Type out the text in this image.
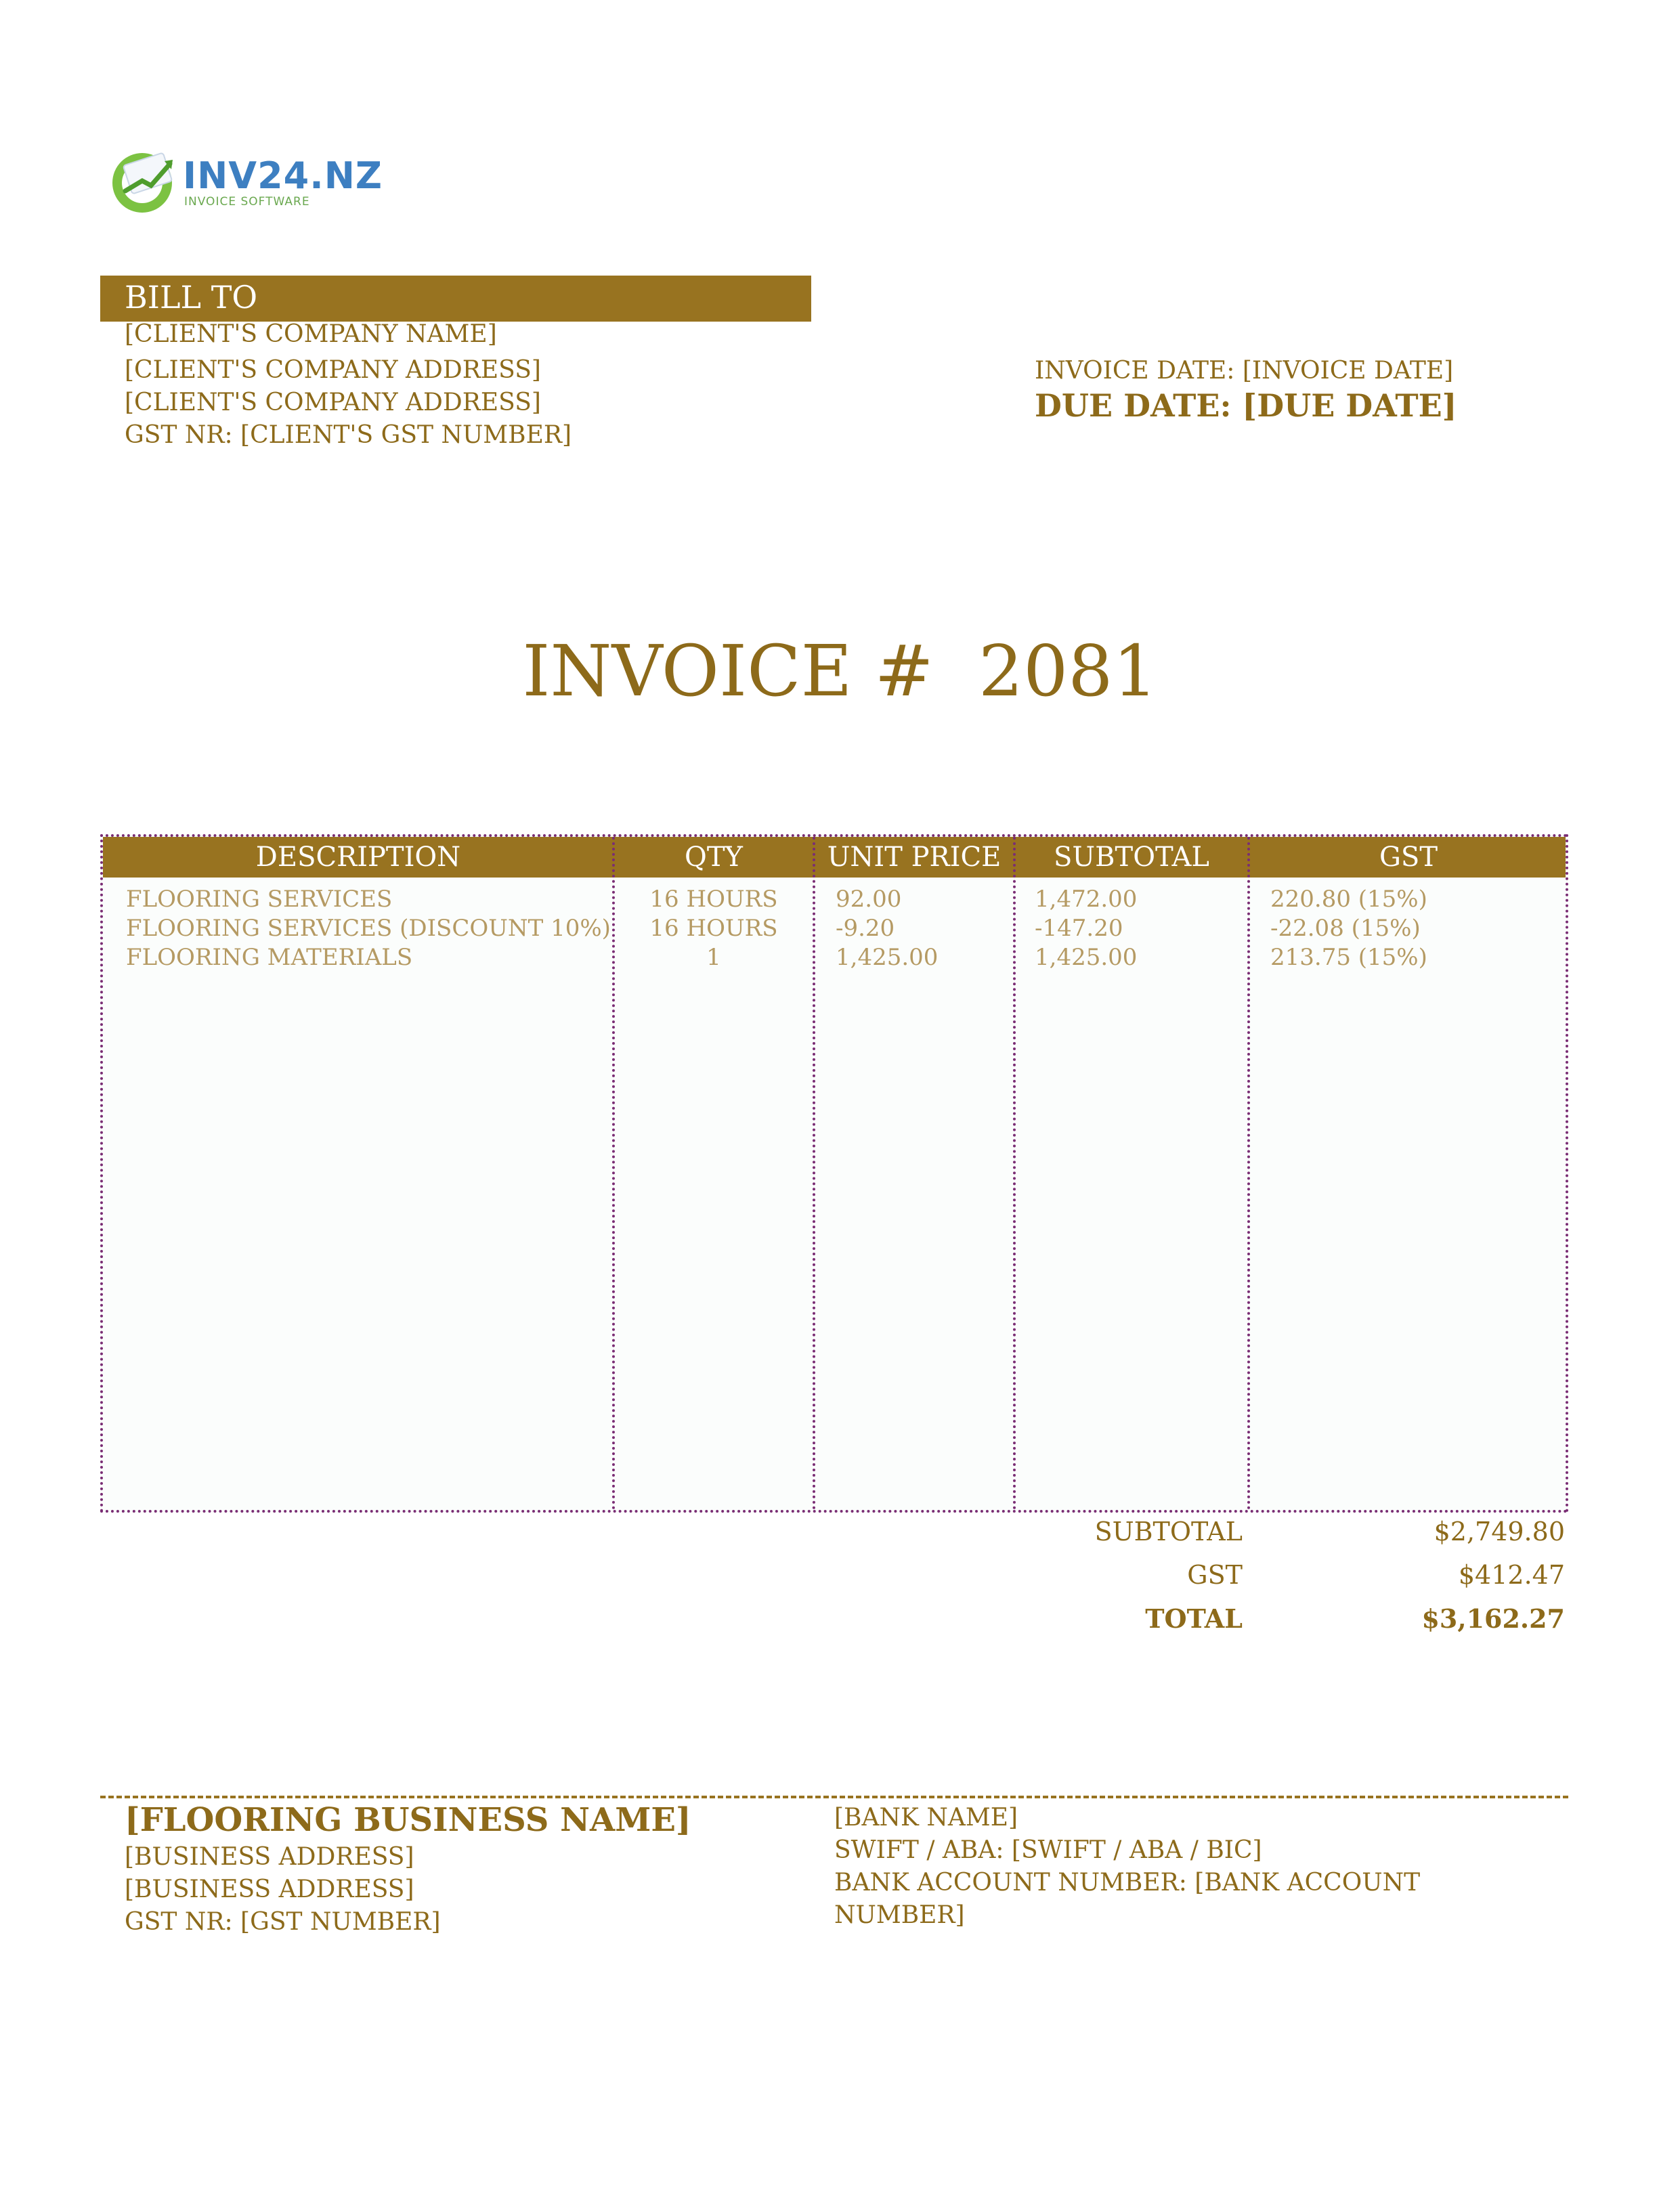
INV24.NZ
INVOICE SOFTWARE
BILL TO
[CLIENT'S COMPANY NAME]
[CLIENT'S COMPANY ADDRESS]
[CLIENT'S COMPANY ADDRESS]
GST NR: [CLIENT'S GST NUMBER]
INVOICE DATE: [INVOICE DATE]
DUE DATE: [DUE DATE]
INVOICE #  2081
DESCRIPTION	QTY	UNIT PRICE	SUBTOTAL	GST
FLOORING SERVICES	16 HOURS	92.00	1,472.00	220.80 (15%)
FLOORING SERVICES (DISCOUNT 10%)	16 HOURS	-9.20	-147.20	-22.08 (15%)
FLOORING MATERIALS	1	1,425.00	1,425.00	213.75 (15%)
SUBTOTAL	$2,749.80
GST	$412.47
TOTAL	$3,162.27
[FLOORING BUSINESS NAME]
[BUSINESS ADDRESS]
[BUSINESS ADDRESS]
GST NR: [GST NUMBER]
[BANK NAME]
SWIFT / ABA: [SWIFT / ABA / BIC]
BANK ACCOUNT NUMBER: [BANK ACCOUNT
NUMBER]
